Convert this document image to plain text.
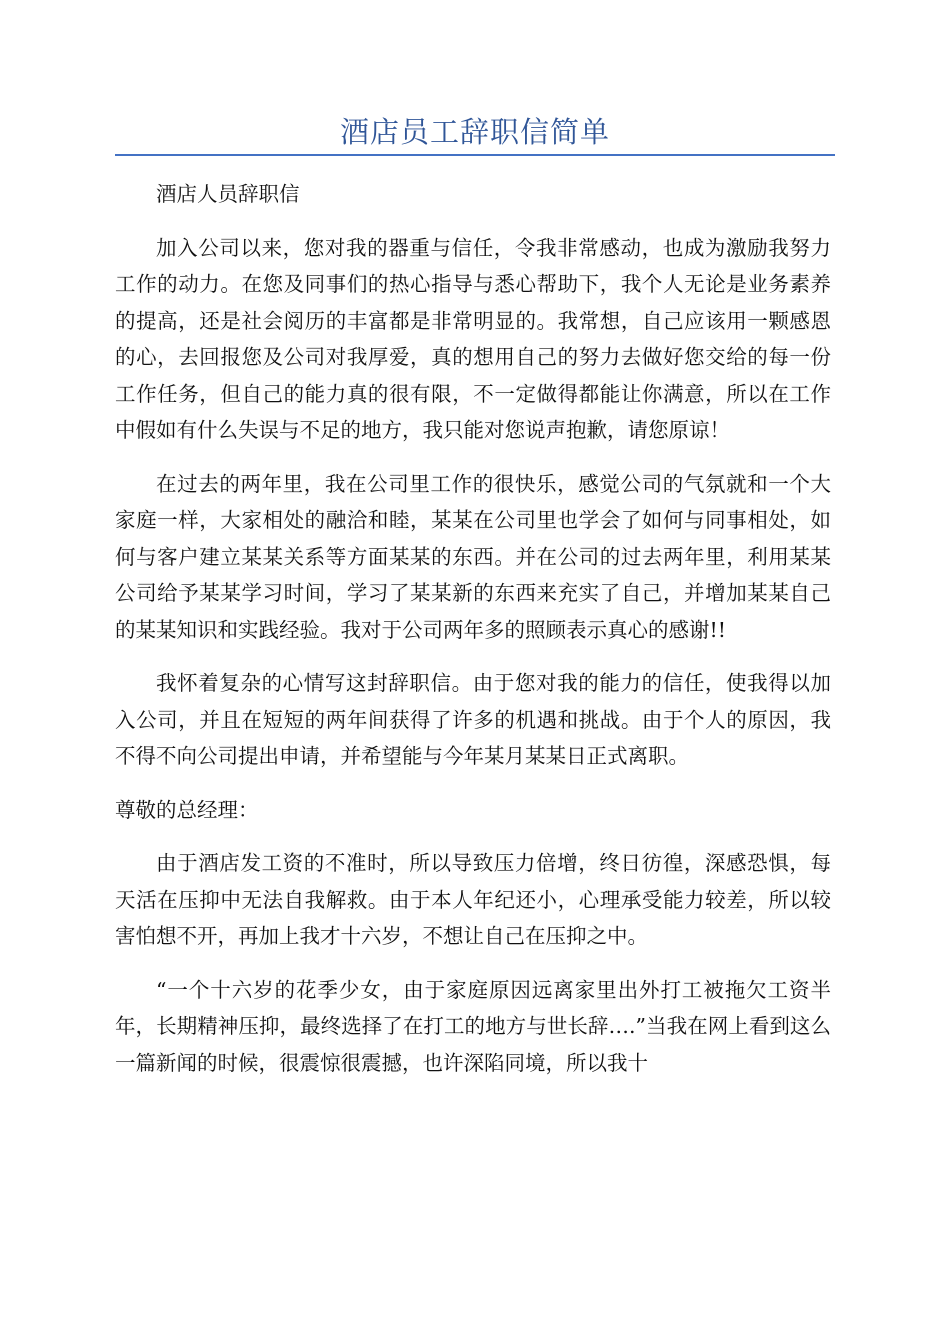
酒店员工辞职信简单

酒店人员辞职信

加入公司以来，您对我的器重与信任，令我非常感动，也成为激励我努力工作的动力。在您及同事们的热心指导与悉心帮助下，我个人无论是业务素养的提高，还是社会阅历的丰富都是非常明显的。我常想，自己应该用一颗感恩的心，去回报您及公司对我厚爱，真的想用自己的努力去做好您交给的每一份工作任务，但自己的能力真的很有限，不一定做得都能让你满意，所以在工作中假如有什么失误与不足的地方，我只能对您说声抱歉，请您原谅！

在过去的两年里，我在公司里工作的很快乐，感觉公司的气氛就和一个大家庭一样，大家相处的融洽和睦，某某在公司里也学会了如何与同事相处，如何与客户建立某某关系等方面某某的东西。并在公司的过去两年里，利用某某公司给予某某学习时间，学习了某某新的东西来充实了自己，并增加某某自己的某某知识和实践经验。我对于公司两年多的照顾表示真心的感谢!!

我怀着复杂的心情写这封辞职信。由于您对我的能力的信任，使我得以加入公司，并且在短短的两年间获得了许多的机遇和挑战。由于个人的原因，我不得不向公司提出申请，并希望能与今年某月某某日正式离职。

尊敬的总经理：

由于酒店发工资的不准时，所以导致压力倍增，终日彷徨，深感恐惧，每天活在压抑中无法自我解救。由于本人年纪还小，心理承受能力较差，所以较害怕想不开，再加上我才十六岁，不想让自己在压抑之中。

“一个十六岁的花季少女，由于家庭原因远离家里出外打工被拖欠工资半年，长期精神压抑，最终选择了在打工的地方与世长辞….”当我在网上看到这么一篇新闻的时候，很震惊很震撼，也许深陷同境，所以我十
